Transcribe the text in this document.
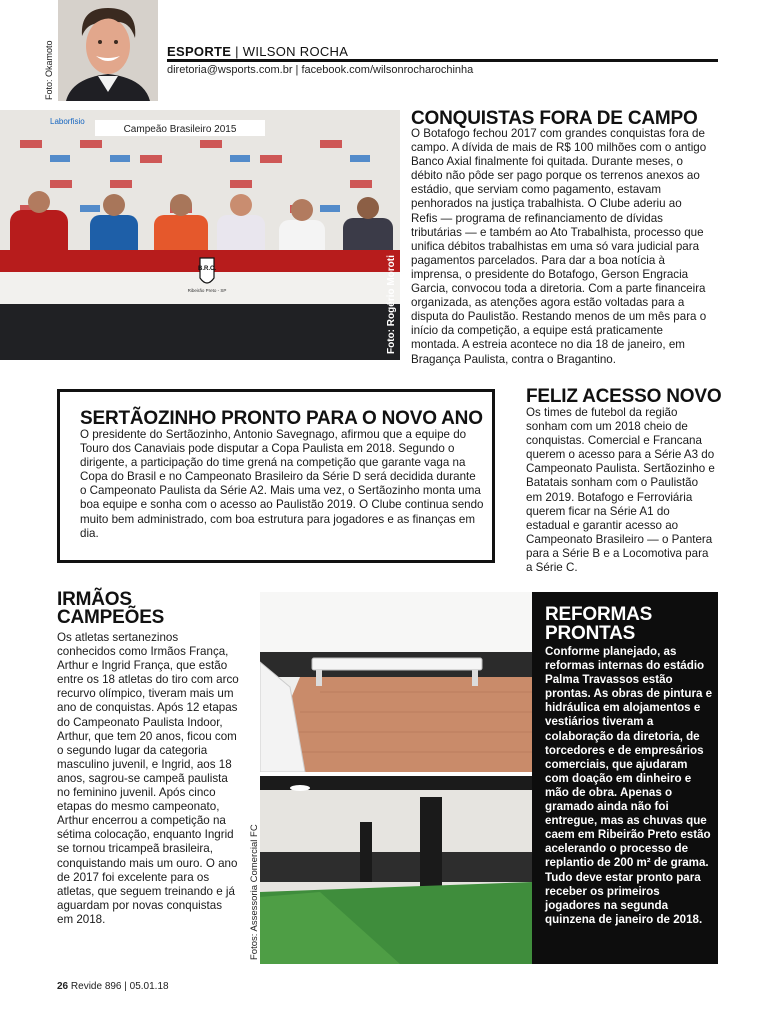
Foto: Okamoto	ESPORTE | WILSON ROCHA
diretoria@wsports.com.br | facebook.com/wilsonrocharochinha
Campeão Brasileiro 2015
Laborfisio
B.R.C.
Ribeirão Preto - SP	Foto: Rogério Moroti
CONQUISTAS FORA DE CAMPO

O Botafogo fechou 2017 com grandes conquistas fora de campo. A dívida de mais de R$ 100 milhões com o antigo Banco Axial finalmente foi quitada. Durante meses, o débito não pôde ser pago porque os terrenos anexos ao estádio, que serviam como pagamento, estavam penhorados na justiça trabalhista. O Clube aderiu ao Refis — programa de refinanciamento de dívidas tributárias — e também ao Ato Trabalhista, processo que unifica débitos trabalhistas em uma só vara judicial para pagamentos parcelados. Para dar a boa notícia à imprensa, o presidente do Botafogo, Gerson Engracia Garcia, convocou toda a diretoria. Com a parte financeira organizada, as atenções agora estão voltadas para a disputa do Paulistão. Restando menos de um mês para o início da competição, a equipe está praticamente montada. A estreia acontece no dia 18 de janeiro, em Bragança Paulista, contra o Bragantino.

SERTÃOZINHO PRONTO PARA O NOVO ANO

O presidente do Sertãozinho, Antonio Savegnago, afirmou que a equipe do Touro dos Canaviais pode disputar a Copa Paulista em 2018. Segundo o dirigente, a participação do time grená na competição que garante vaga na Copa do Brasil e no Campeonato Brasileiro da Série D será decidida durante o Campeonato Paulista da Série A2. Mais uma vez, o Sertãozinho monta uma boa equipe e sonha com o acesso ao Paulistão 2019. O Clube continua sendo muito bem administrado, com boa estrutura para jogadores e as finanças em dia.

FELIZ ACESSO NOVO

Os times de futebol da região sonham com um 2018 cheio de conquistas. Comercial e Francana querem o acesso para a Série A3 do Campeonato Paulista. Sertãozinho e Batatais sonham com o Paulistão em 2019. Botafogo e Ferroviária querem ficar na Série A1 do estadual e garantir acesso ao Campeonato Brasileiro — o Pantera para a Série B e a Locomotiva para a Série C.

IRMÃOS
CAMPEÕES

Os atletas sertanezinos conhecidos como Irmãos França, Arthur e Ingrid França, que estão entre os 18 atletas do tiro com arco recurvo olímpico, tiveram mais um ano de conquistas. Após 12 etapas do Campeonato Paulista Indoor, Arthur, que tem 20 anos, ficou com o segundo lugar da categoria masculino juvenil, e Ingrid, aos 18 anos, sagrou-se campeã paulista no feminino juvenil. Após cinco etapas do mesmo campeonato, Arthur encerrou a competição na sétima colocação, enquanto Ingrid se tornou tricampeã brasileira, conquistando mais um ouro. O ano de 2017 foi excelente para os atletas, que seguem treinando e já aguardam por novas conquistas em 2018.	Fotos: Assessoria Comercial FC
REFORMAS
PRONTAS

Conforme planejado, as reformas internas do estádio Palma Travassos estão prontas. As obras de pintura e hidráulica em alojamentos e vestiários tiveram a colaboração da diretoria, de torcedores e de empresários comerciais, que ajudaram com doação em dinheiro e mão de obra. Apenas o gramado ainda não foi entregue, mas as chuvas que caem em Ribeirão Preto estão acelerando o processo de replantio de 200 m² de grama. Tudo deve estar pronto para receber os primeiros jogadores na segunda quinzena de janeiro de 2018.

26 Revide 896 | 05.01.18
